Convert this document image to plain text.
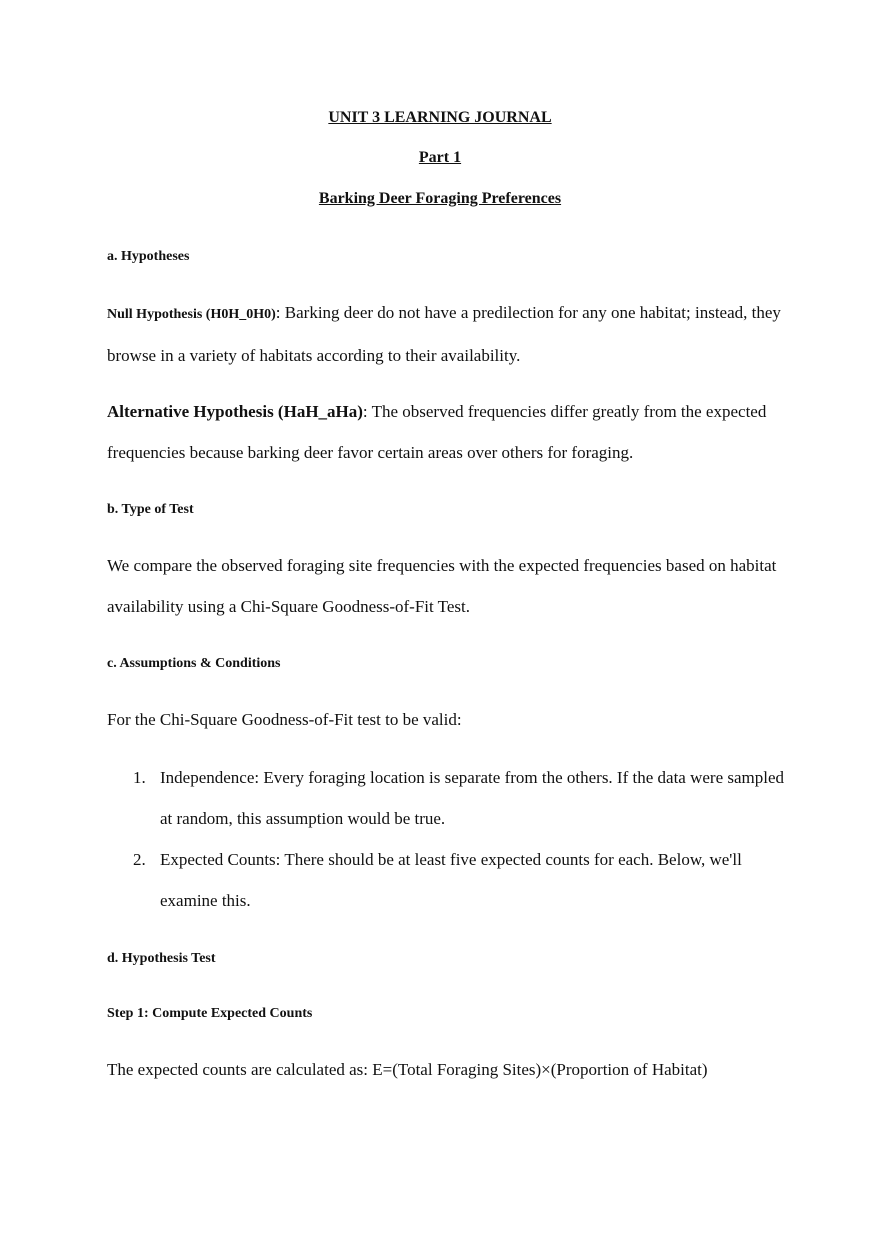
UNIT 3 LEARNING JOURNAL
Part 1
Barking Deer Foraging Preferences
a. Hypotheses
Null Hypothesis (H0H_0H0): Barking deer do not have a predilection for any one habitat; instead, they browse in a variety of habitats according to their availability.
Alternative Hypothesis (HaH_aHa): The observed frequencies differ greatly from the expected frequencies because barking deer favor certain areas over others for foraging.
b. Type of Test
We compare the observed foraging site frequencies with the expected frequencies based on habitat availability using a Chi-Square Goodness-of-Fit Test.
c. Assumptions & Conditions
For the Chi-Square Goodness-of-Fit test to be valid:
1. Independence: Every foraging location is separate from the others. If the data were sampled at random, this assumption would be true.
2. Expected Counts: There should be at least five expected counts for each. Below, we'll examine this.
d. Hypothesis Test
Step 1: Compute Expected Counts
The expected counts are calculated as: E=(Total Foraging Sites)×(Proportion of Habitat)
